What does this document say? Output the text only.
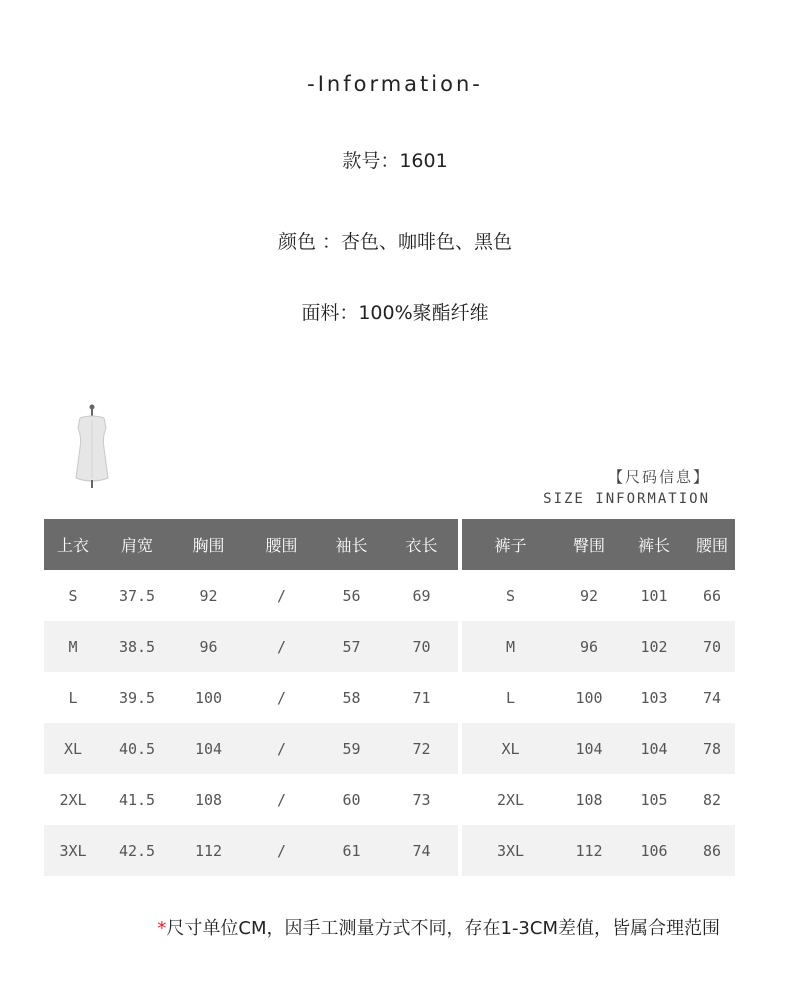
-Information-
款号：1601
颜色 ：杏色、咖啡色、黑色
面料：100%聚酯纤维
【尺码信息】
SIZE INFORMATION
上衣	肩宽	胸围	腰围	袖长	衣长
S	37.5	92	/	56	69
M	38.5	96	/	57	70
L	39.5	100	/	58	71
XL	40.5	104	/	59	72
2XL	41.5	108	/	60	73
3XL	42.5	112	/	61	74
裤子	臀围	裤长	腰围
S	92	101	66
M	96	102	70
L	100	103	74
XL	104	104	78
2XL	108	105	82
3XL	112	106	86
*尺寸单位CM，因手工测量方式不同，存在1-3CM差值，皆属合理范围
